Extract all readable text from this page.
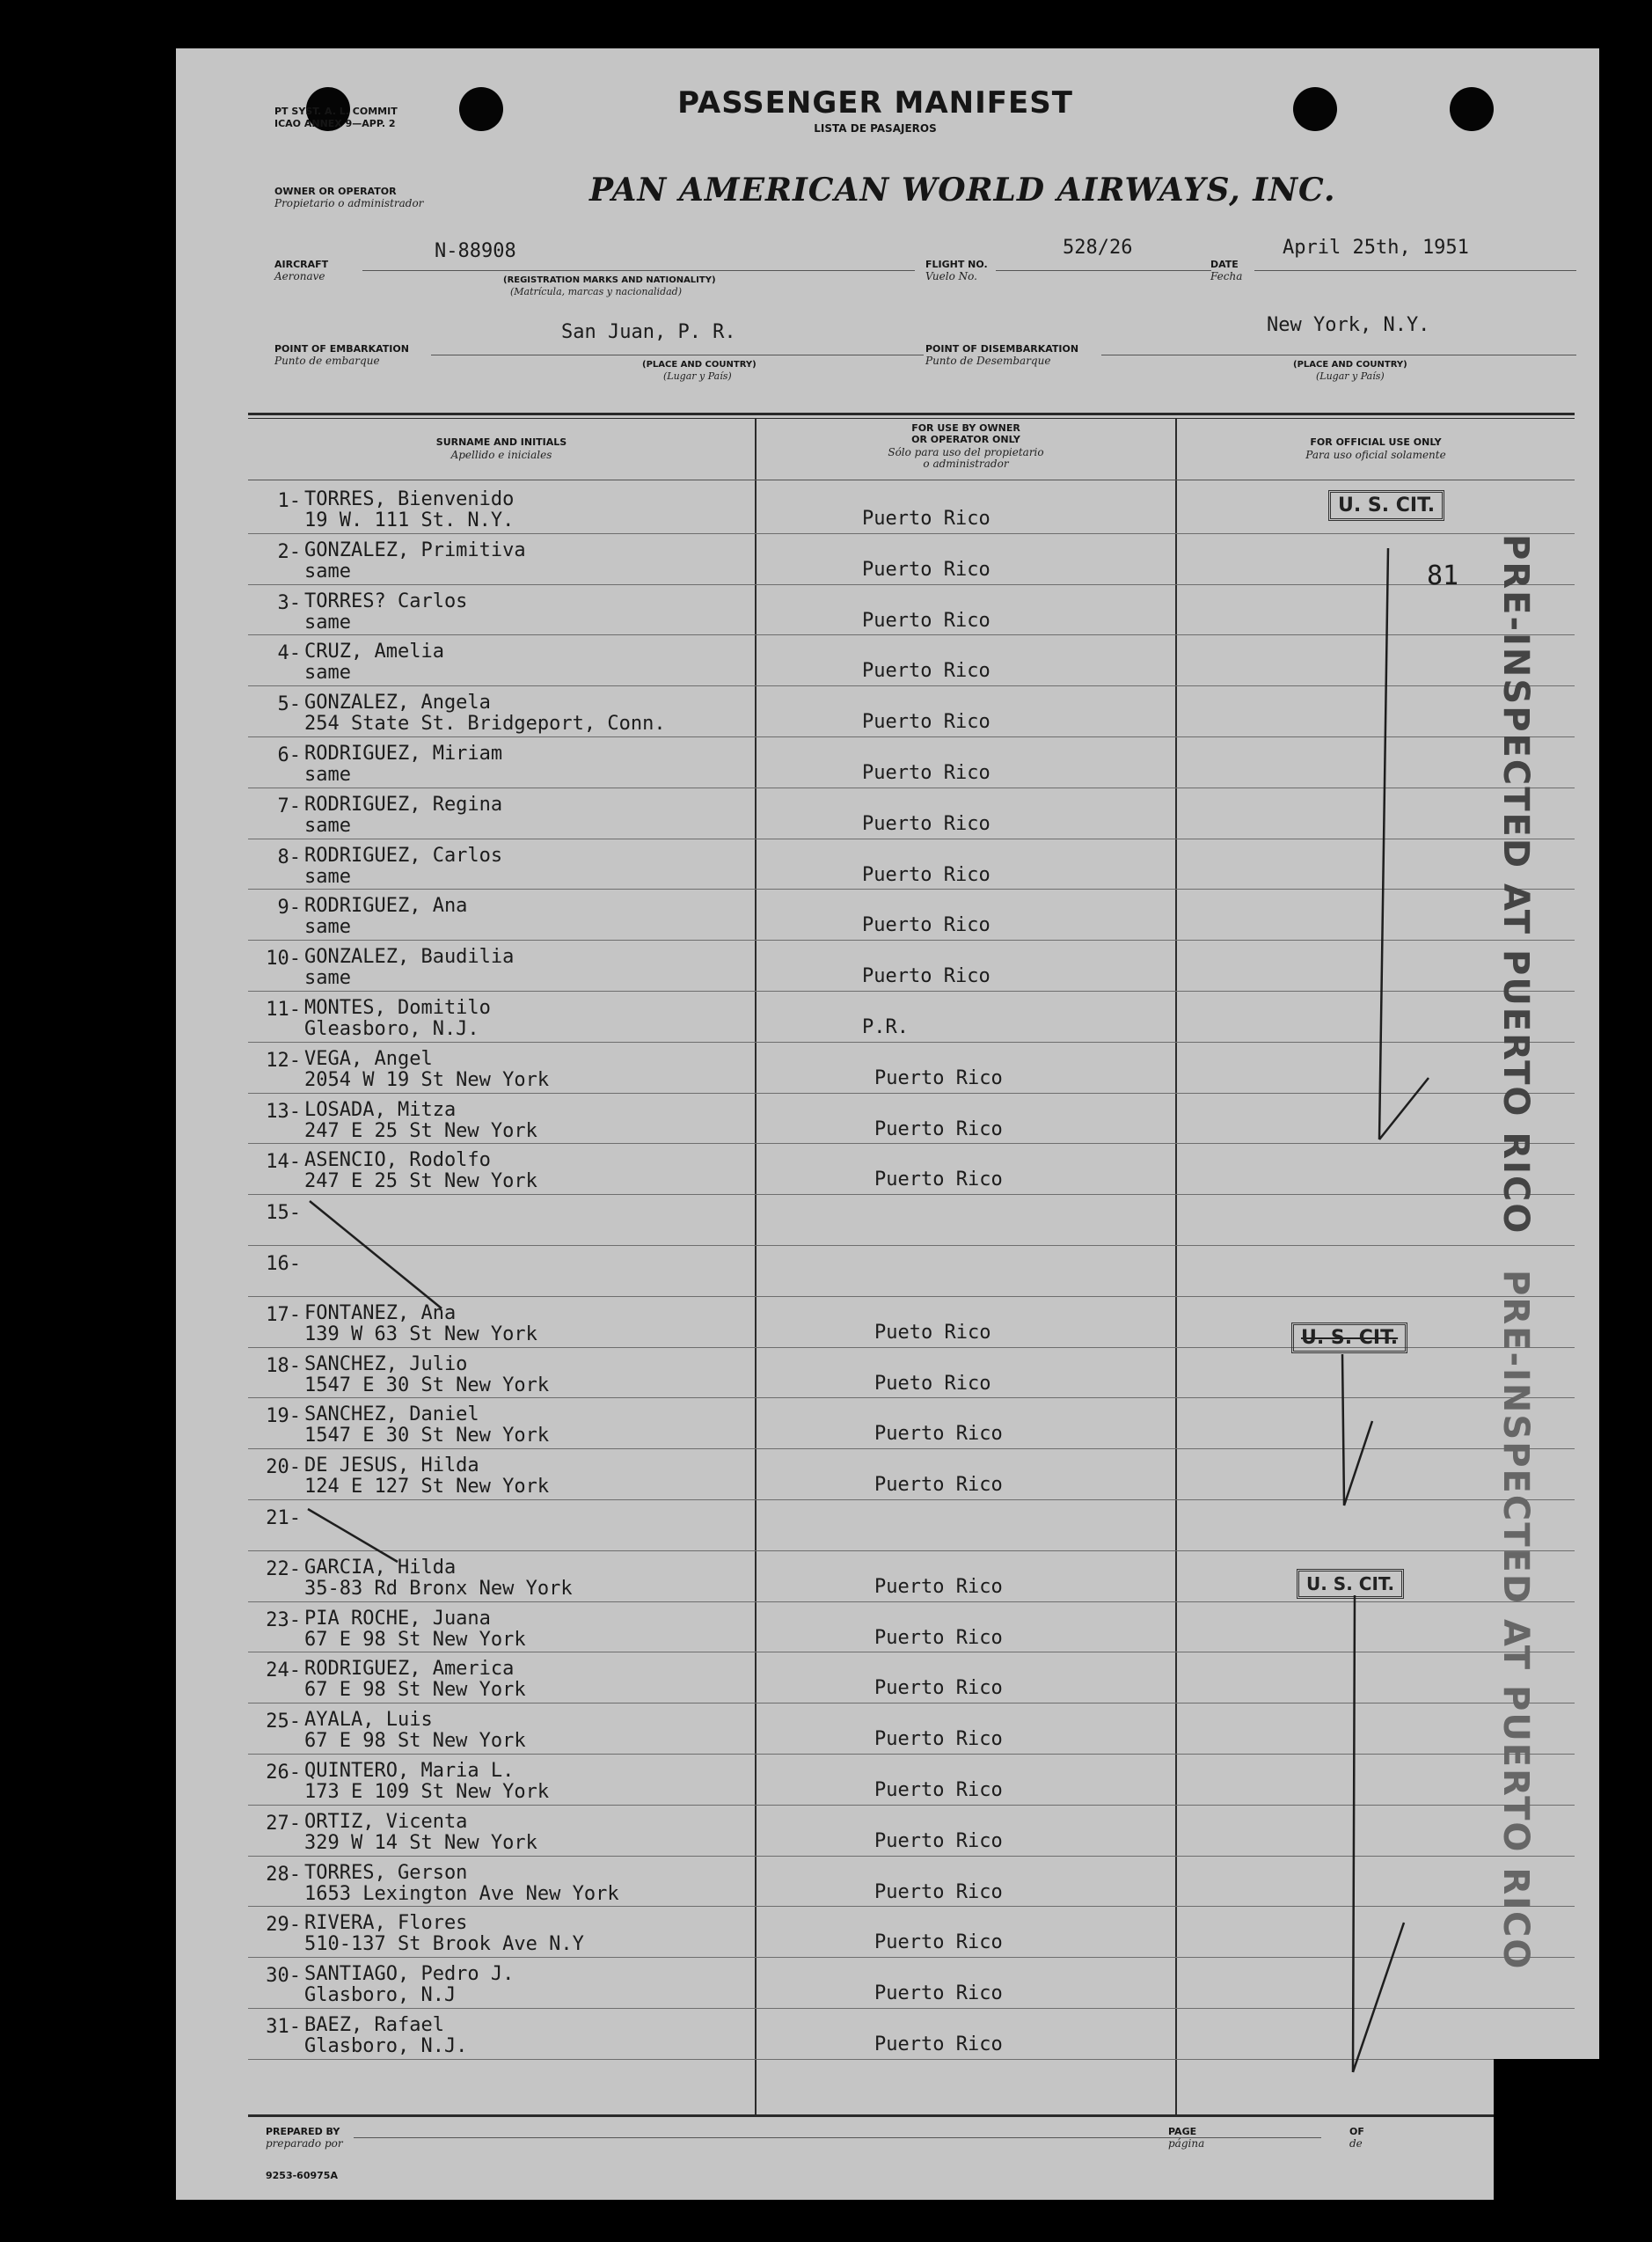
PT SYST. A. L. COMMIT
ICAO ANNEX 9—APP. 2
PASSENGER MANIFEST
LISTA DE PASAJEROS
OWNER OR OPERATOR
Propietario o administrador	PAN AMERICAN WORLD AIRWAYS, INC.
AIRCRAFT
Aeronave
N-88908
(REGISTRATION MARKS AND NATIONALITY)
(Matrícula, marcas y nacionalidad)
FLIGHT NO.
Vuelo No.
528/26
DATE
Fecha
April 25th, 1951
POINT OF EMBARKATION
Punto de embarque
San Juan, P. R.
(PLACE AND COUNTRY)
(Lugar y País)
POINT OF DISEMBARKATION
Punto de Desembarque
New York, N.Y.
(PLACE AND COUNTRY)
(Lugar y País)
SURNAME AND INITIALS
Apellido e iniciales
FOR USE BY OWNER
OR OPERATOR ONLY
Sólo para uso del propietario
o administrador
FOR OFFICIAL USE ONLY
Para uso oficial solamente
1- TORRES, Bienvenido
19 W. 111 St. N.Y.	Puerto Rico
2- GONZALEZ, Primitiva
same	Puerto Rico
3- TORRES? Carlos
same	Puerto Rico
4- CRUZ, Amelia
same	Puerto Rico
5- GONZALEZ, Angela
254 State St. Bridgeport, Conn.	Puerto Rico
6- RODRIGUEZ, Miriam
same	Puerto Rico
7- RODRIGUEZ, Regina
same	Puerto Rico
8- RODRIGUEZ, Carlos
same	Puerto Rico
9- RODRIGUEZ, Ana
same	Puerto Rico
10- GONZALEZ, Baudilia
same	Puerto Rico
11- MONTES, Domitilo
Gleasboro, N.J.	P.R.
12- VEGA, Angel
2054 W 19 St New York	Puerto Rico
13- LOSADA, Mitza
247 E 25 St New York	Puerto Rico
14- ASENCIO, Rodolfo
247 E 25 St New York	Puerto Rico
15-
16-
17- FONTANEZ, Ana
139 W 63 St New York	Pueto Rico
18- SANCHEZ, Julio
1547 E 30 St New York	Pueto Rico
19- SANCHEZ, Daniel
1547 E 30 St New York	Puerto Rico
20- DE JESUS, Hilda
124 E 127 St New York	Puerto Rico
21-
22- GARCIA, Hilda
35-83 Rd Bronx New York	Puerto Rico
23- PIA ROCHE, Juana
67 E 98 St New York	Puerto Rico
24- RODRIGUEZ, America
67 E 98 St New York	Puerto Rico
25- AYALA, Luis
67 E 98 St New York	Puerto Rico
26- QUINTERO, Maria L.
173 E 109 St New York	Puerto Rico
27- ORTIZ, Vicenta
329 W 14 St New York	Puerto Rico
28- TORRES, Gerson
1653 Lexington Ave New York	Puerto Rico
29- RIVERA, Flores
510-137 St Brook Ave N.Y	Puerto Rico
30- SANTIAGO, Pedro J.
Glasboro, N.J	Puerto Rico
31- BAEZ, Rafael
Glasboro, N.J.	Puerto Rico
U. S. CIT.
81
U. S. CIT.
U. S. CIT.
PRE-INSPECTED AT PUERTO RICO
PRE-INSPECTED AT PUERTO RICO
PREPARED BY
preparado por
PAGE
página
OF
de
9253-60975A
